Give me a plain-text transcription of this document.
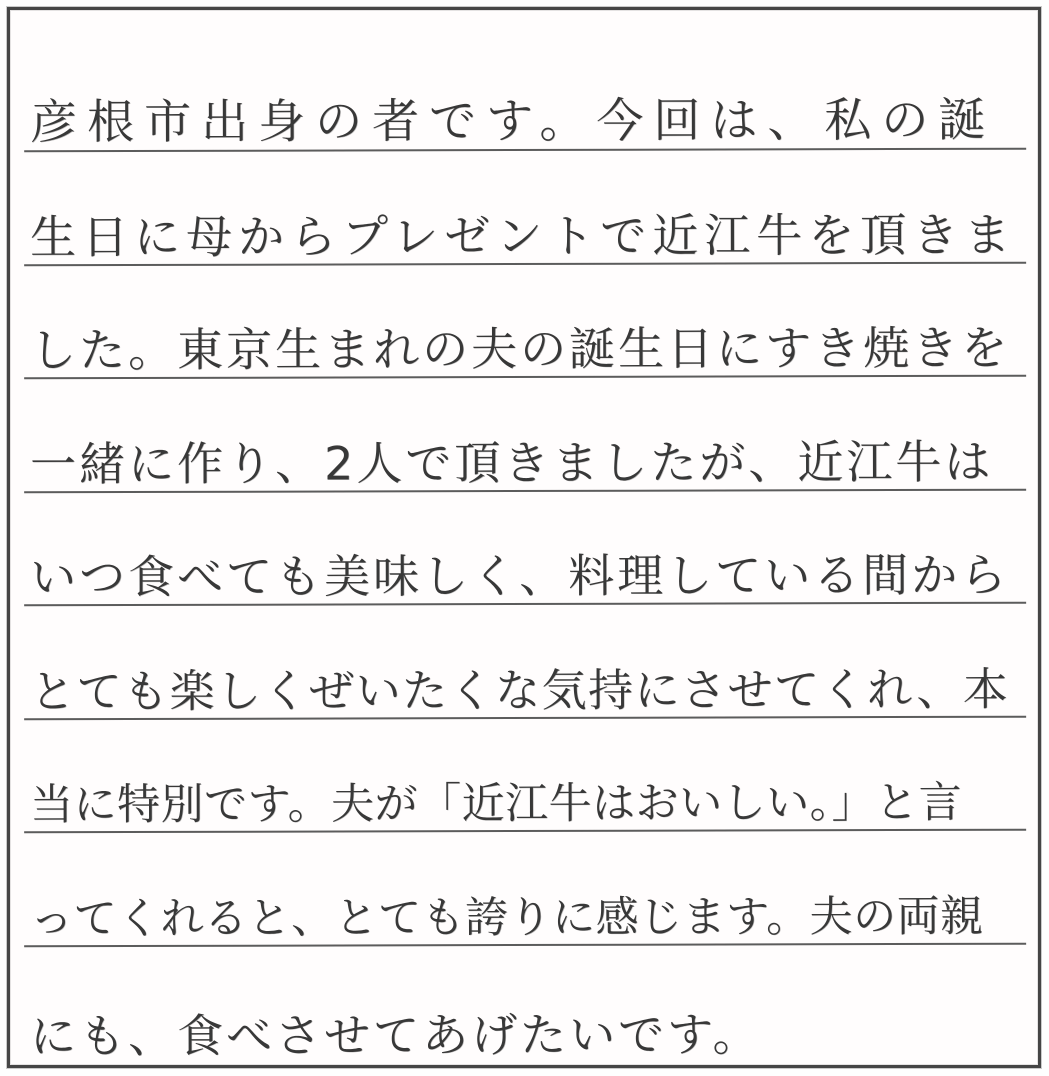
彦根市出身の者です。今回は、私の誕
生日に母からプレゼントで近江牛を頂きま
した。東京生まれの夫の誕生日にすき焼きを
一緒に作り、2人で頂きましたが、近江牛は
いつ食べても美味しく、料理している間から
とても楽しくぜいたくな気持にさせてくれ、本
当に特別です。夫が「近江牛はおいしい。」と言
ってくれると、とても誇りに感じます。夫の両親
にも、食べさせてあげたいです。
